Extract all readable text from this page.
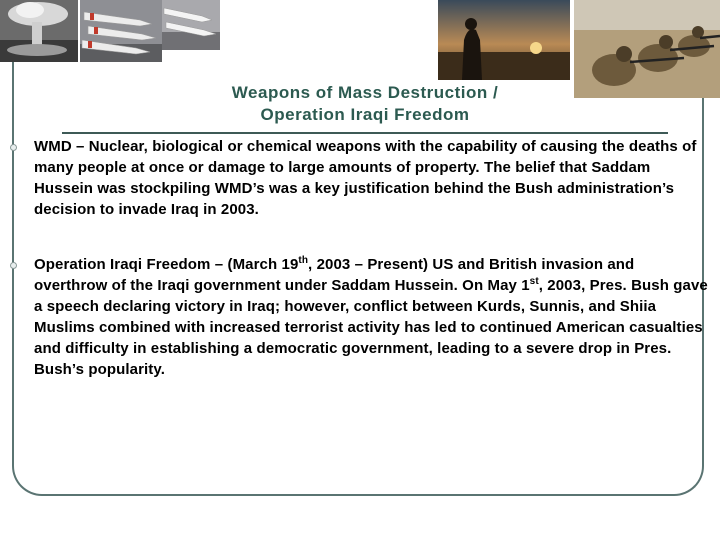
Weapons of Mass Destruction /
Operation Iraqi Freedom
WMD – Nuclear, biological or chemical weapons with the capability of causing the deaths of many people at once or damage to large amounts of property. The belief that Saddam Hussein was stockpiling WMD’s was a key justification behind the Bush administration’s decision to invade Iraq in 2003.
Operation Iraqi Freedom – (March 19th, 2003 – Present) US and British invasion and overthrow of the Iraqi government under Saddam Hussein. On May 1st, 2003, Pres. Bush gave a speech declaring victory in Iraq; however, conflict between Kurds, Sunnis, and Shiia Muslims combined with increased terrorist activity has led to continued American casualties and difficulty in establishing a democratic government, leading to a severe drop in Pres. Bush’s popularity.
